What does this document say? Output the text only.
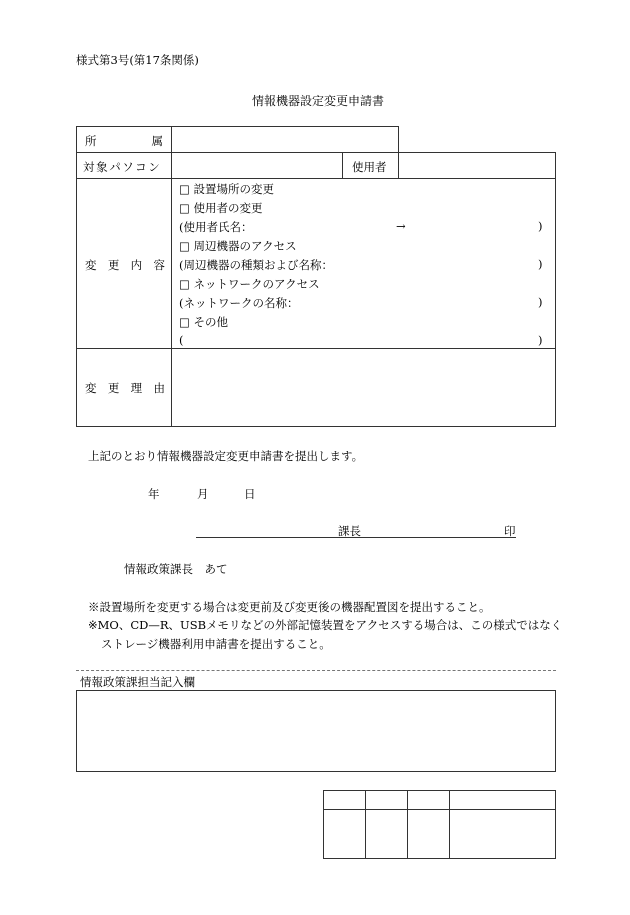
様式第3号(第17条関係)
情報機器設定変更申請書
所	属
対象パソコン	使用者
変 更 内 容
□ 設置場所の変更
□ 使用者の変更
(使用者氏名：	→	)
□ 周辺機器のアクセス
(周辺機器の種類および名称：	)
□ ネットワークのアクセス
(ネットワークの名称：	)
□ その他
(	)
変 更 理 由
上記のとおり情報機器設定変更申請書を提出します。
年	月	日
課長	印
情報政策課長　あて
※設置場所を変更する場合は変更前及び変更後の機器配置図を提出すること。
※MO、CD—R、USBメモリなどの外部記憶装置をアクセスする場合は、この様式ではなく
ストレージ機器利用申請書を提出すること。
情報政策課担当記入欄
